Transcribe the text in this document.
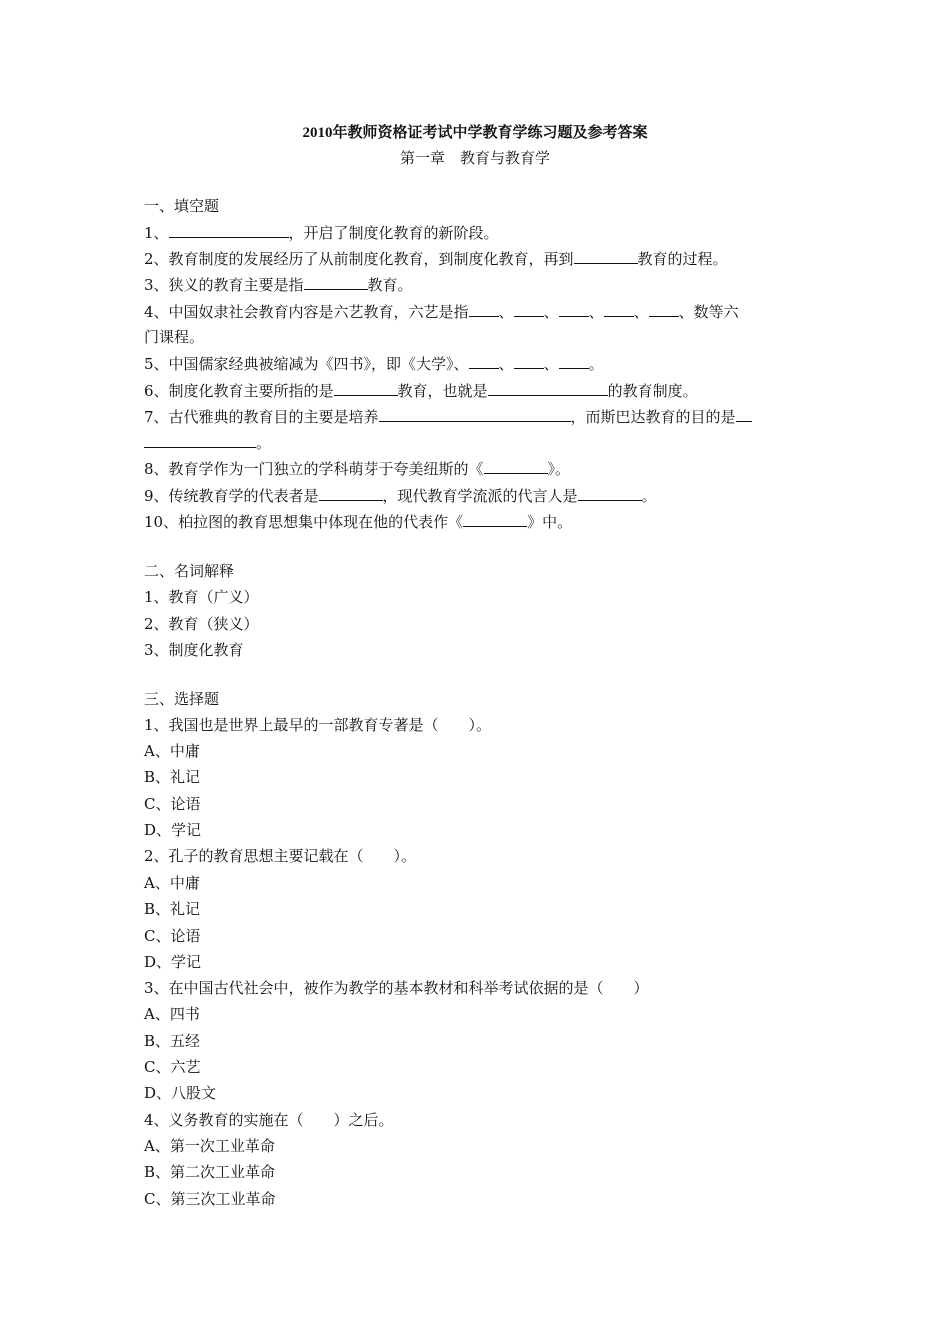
2010年教师资格证考试中学教育学练习题及参考答案
第一章　教育与教育学
一、填空题
1、	，开启了制度化教育的新阶段。
2、教育制度的发展经历了从前制度化教育，到制度化教育，再到	教育的过程。
3、狭义的教育主要是指	教育。
4、中国奴隶社会教育内容是六艺教育，六艺是指 、 、 、 、 、数等六
门课程。
5、中国儒家经典被缩减为《四书》，即《大学》、 、 、 。
6、制度化教育主要所指的是	教育，也就是	的教育制度。
7、古代雅典的教育目的主要是培养	，而斯巴达教育的目的是
。
8、教育学作为一门独立的学科萌芽于夸美纽斯的《	》。
9、传统教育学的代表者是	，现代教育学流派的代言人是	。
10、柏拉图的教育思想集中体现在他的代表作《	》中。
二、名词解释
1、教育（广义）
2、教育（狭义）
3、制度化教育
三、选择题
1、我国也是世界上最早的一部教育专著是（　　）。
A、中庸
B、礼记
C、论语
D、学记
2、孔子的教育思想主要记载在（　　）。
A、中庸
B、礼记
C、论语
D、学记
3、在中国古代社会中，被作为教学的基本教材和科举考试依据的是（　　）
A、四书
B、五经
C、六艺
D、八股文
4、义务教育的实施在（　　）之后。
A、第一次工业革命
B、第二次工业革命
C、第三次工业革命
